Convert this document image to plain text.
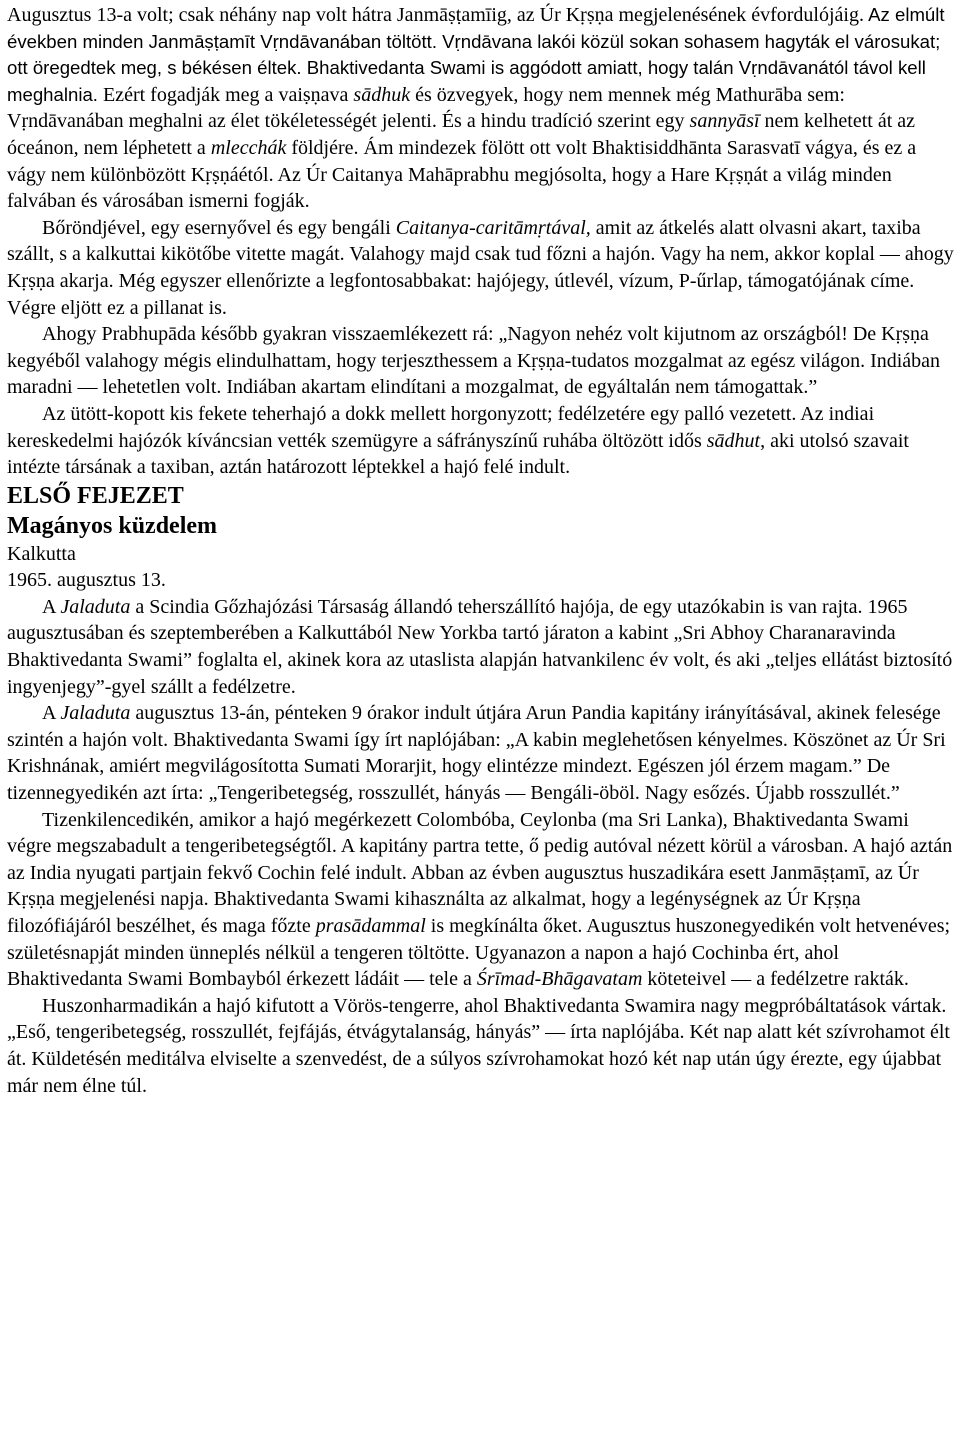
Augusztus 13-a volt; csak néhány nap volt hátra Janmāṣṭamīig, az Úr Kṛṣṇa megjelenésének évfordulójáig. Az elmúlt években minden Janmāṣṭamīt Vṛndāvanában töltött. Vṛndāvana lakói közül sokan sohasem hagyták el városukat; ott öregedtek meg, s békésen éltek. Bhaktivedanta Swami is aggódott amiatt, hogy talán Vṛndāvanától távol kell meghalnia. Ezért fogadják meg a vaiṣṇava sādhuk és özvegyek, hogy nem mennek még Mathurāba sem: Vṛndāvanában meghalni az élet tökéletességét jelenti. És a hindu tradíció szerint egy sannyāsī nem kelhetett át az óceánon, nem léphetett a mlecchák földjére. Ám mindezek fölött ott volt Bhaktisiddhānta Sarasvatī vágya, és ez a vágy nem különbözött Kṛṣṇáétól. Az Úr Caitanya Mahāprabhu megjósolta, hogy a Hare Kṛṣṇát a világ minden falvában és városában ismerni fogják.

Bőröndjével, egy esernyővel és egy bengáli Caitanya-caritāmṛtával, amit az átkelés alatt olvasni akart, taxiba szállt, s a kalkuttai kikötőbe vitette magát. Valahogy majd csak tud főzni a hajón. Vagy ha nem, akkor koplal — ahogy Kṛṣṇa akarja. Még egyszer ellenőrizte a legfontosabbakat: hajójegy, útlevél, vízum, P-űrlap, támogatójának címe. Végre eljött ez a pillanat is.

Ahogy Prabhupāda később gyakran visszaemlékezett rá: „Nagyon nehéz volt kijutnom az országból! De Kṛṣṇa kegyéből valahogy mégis elindulhattam, hogy terjeszthessem a Kṛṣṇa-tudatos mozgalmat az egész világon. Indiában maradni — lehetetlen volt. Indiában akartam elindítani a mozgalmat, de egyáltalán nem támogattak.”

Az ütött-kopott kis fekete teherhajó a dokk mellett horgonyzott; fedélzetére egy palló vezetett. Az indiai kereskedelmi hajózók kíváncsian vették szemügyre a sáfrányszínű ruhába öltözött idős sādhut, aki utolsó szavait intézte társának a taxiban, aztán határozott léptekkel a hajó felé indult.

ELSŐ FEJEZET
Magányos küzdelem

Kalkutta

1965. augusztus 13.

A Jaladuta a Scindia Gőzhajózási Társaság állandó teherszállító hajója, de egy utazókabin is van rajta. 1965 augusztusában és szeptemberében a Kalkuttából New Yorkba tartó járaton a kabint „Sri Abhoy Charanaravinda Bhaktivedanta Swami” foglalta el, akinek kora az utaslista alapján hatvankilenc év volt, és aki „teljes ellátást biztosító ingyenjegy”-gyel szállt a fedélzetre.

A Jaladuta augusztus 13-án, pénteken 9 órakor indult útjára Arun Pandia kapitány irányításával, akinek felesége szintén a hajón volt. Bhaktivedanta Swami így írt naplójában: „A kabin meglehetősen kényelmes. Köszönet az Úr Sri Krishnának, amiért megvilágosította Sumati Morarjit, hogy elintézze mindezt. Egészen jól érzem magam.” De tizennegyedikén azt írta: „Tengeribetegség, rosszullét, hányás — Bengáli-öböl. Nagy esőzés. Újabb rosszullét.”

Tizenkilencedikén, amikor a hajó megérkezett Colombóba, Ceylonba (ma Sri Lanka), Bhaktivedanta Swami végre megszabadult a tengeribetegségtől. A kapitány partra tette, ő pedig autóval nézett körül a városban. A hajó aztán az India nyugati partjain fekvő Cochin felé indult. Abban az évben augusztus huszadikára esett Janmāṣṭamī, az Úr Kṛṣṇa megjelenési napja. Bhaktivedanta Swami kihasználta az alkalmat, hogy a legénységnek az Úr Kṛṣṇa filozófiájáról beszélhet, és maga főzte prasādammal is megkínálta őket. Augusztus huszonegyedikén volt hetvenéves; születésnapját minden ünneplés nélkül a tengeren töltötte. Ugyanazon a napon a hajó Cochinba ért, ahol Bhaktivedanta Swami Bombayból érkezett ládáit — tele a Śrīmad-Bhāgavatam köteteivel — a fedélzetre rakták.

Huszonharmadikán a hajó kifutott a Vörös-tengerre, ahol Bhaktivedanta Swamira nagy megpróbáltatások vártak. „Eső, tengeribetegség, rosszullét, fejfájás, étvágytalanság, hányás” — írta naplójába. Két nap alatt két szívrohamot élt át. Küldetésén meditálva elviselte a szenvedést, de a súlyos szívrohamokat hozó két nap után úgy érezte, egy újabbat már nem élne túl.
